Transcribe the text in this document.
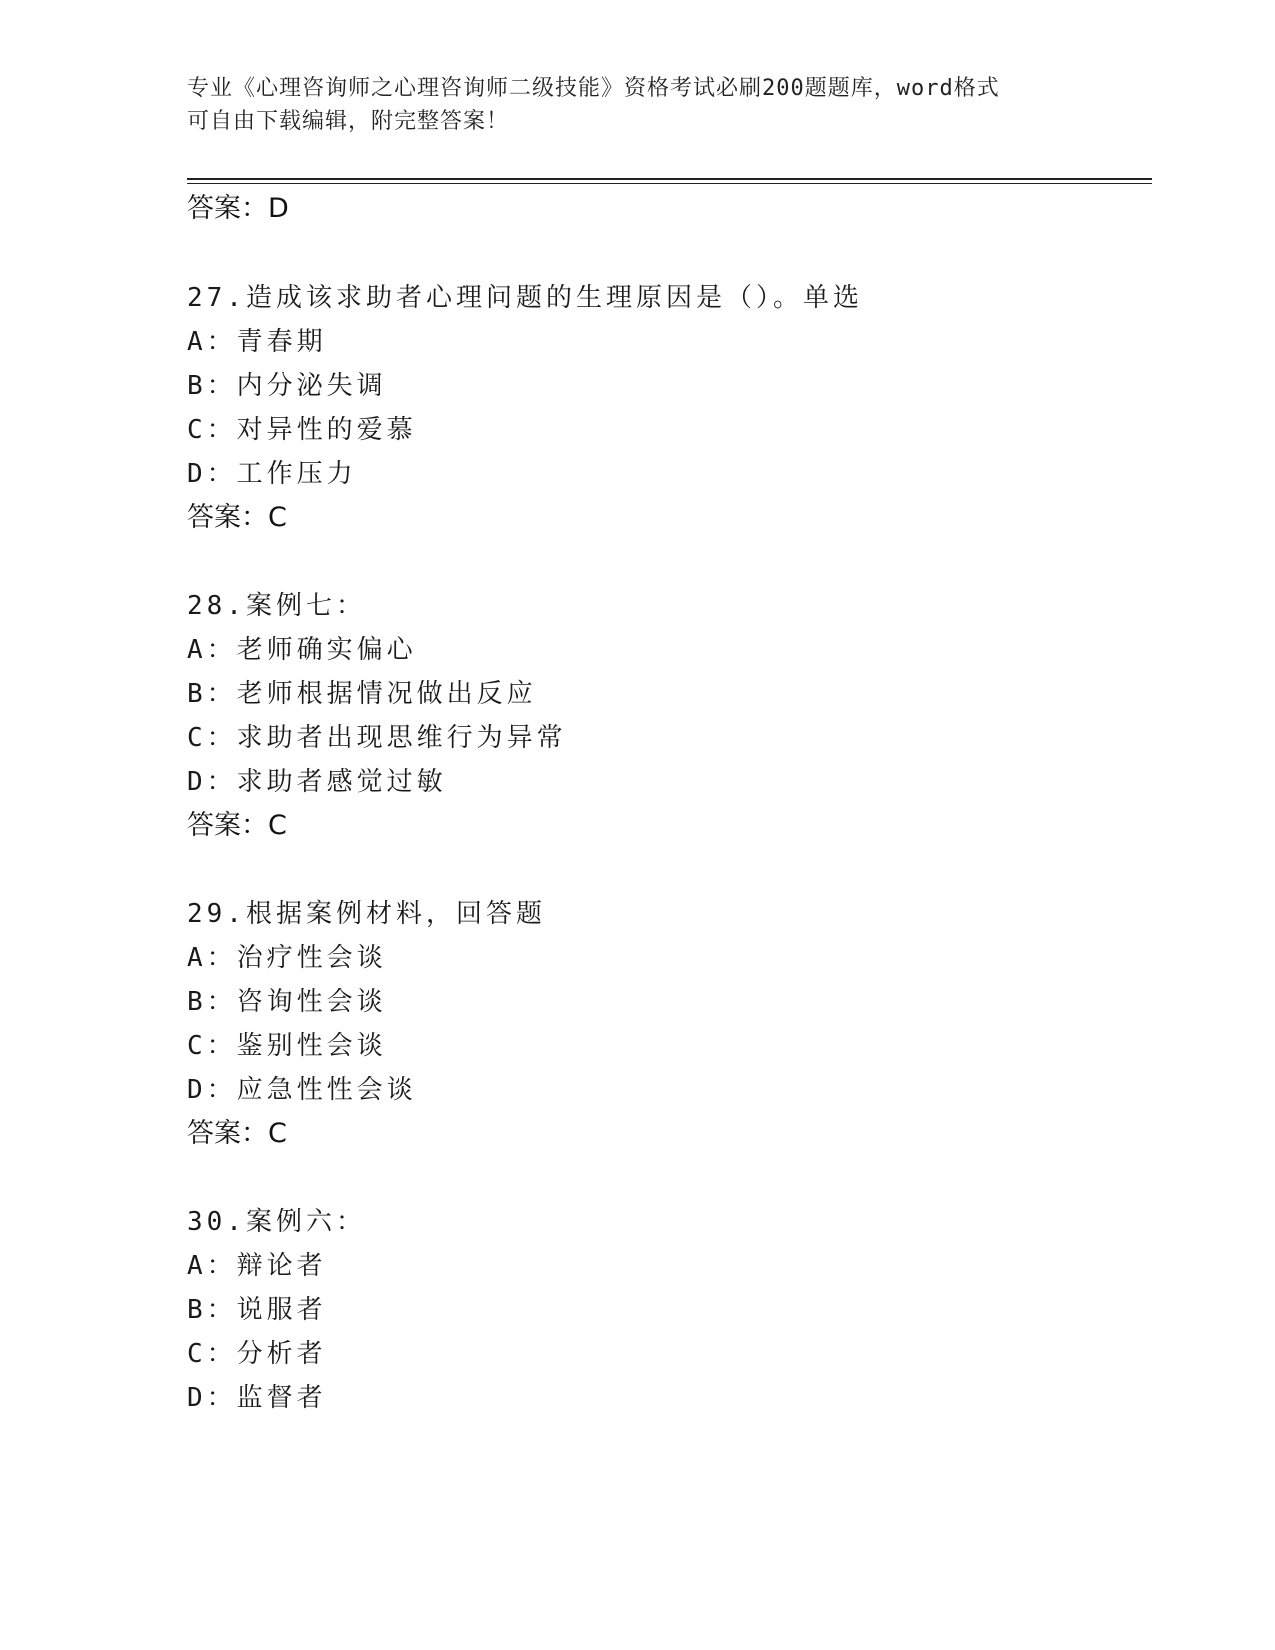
专业《心理咨询师之心理咨询师二级技能》资格考试必刷200题题库，word格式
可自由下载编辑，附完整答案！
答案：D
27.造成该求助者心理问题的生理原因是（）。单选
A：青春期
B：内分泌失调
C：对异性的爱慕
D：工作压力
答案：C
28.案例七：
A：老师确实偏心
B：老师根据情况做出反应
C：求助者出现思维行为异常
D：求助者感觉过敏
答案：C
29.根据案例材料，回答题
A：治疗性会谈
B：咨询性会谈
C：鉴别性会谈
D：应急性性会谈
答案：C
30.案例六：
A：辩论者
B：说服者
C：分析者
D：监督者
